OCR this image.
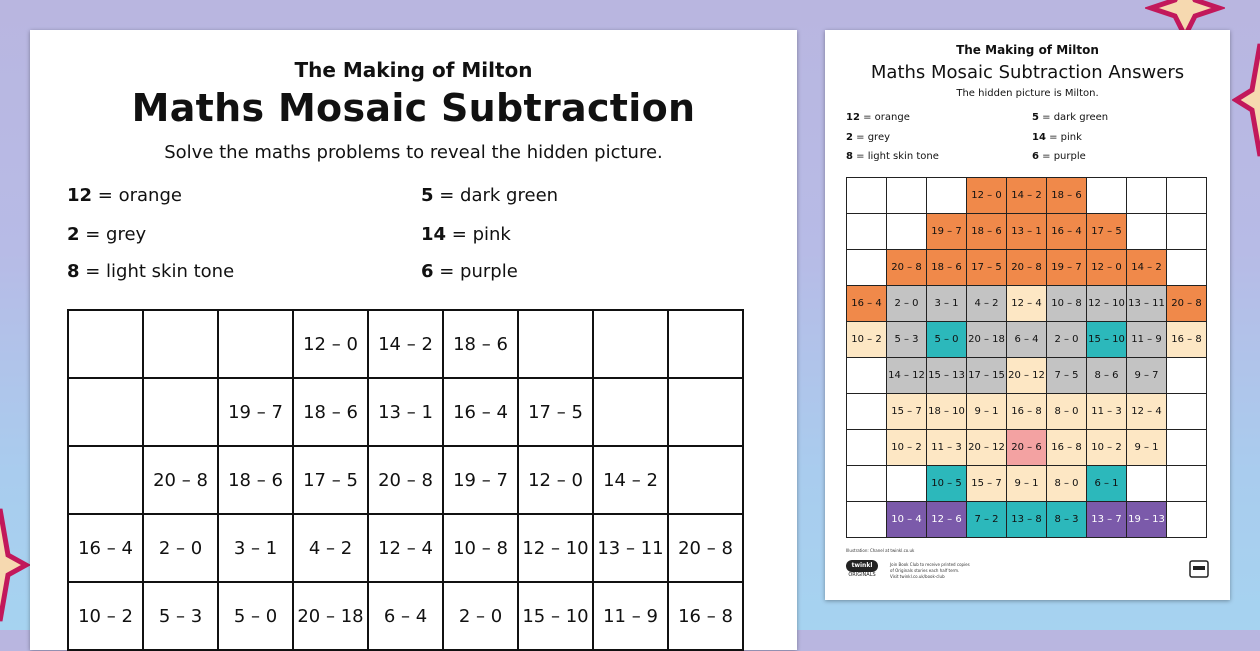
The Making of Milton
Maths Mosaic Subtraction
Solve the maths problems to reveal the hidden picture.
12 = orange
2 = grey
8 = light skin tone
5 = dark green
14 = pink
6 = purple
			12 – 0	14 – 2	18 – 6			
		19 – 7	18 – 6	13 – 1	16 – 4	17 – 5		
	20 – 8	18 – 6	17 – 5	20 – 8	19 – 7	12 – 0	14 – 2	
16 – 4	2 – 0	3 – 1	4 – 2	12 – 4	10 – 8	12 – 10	13 – 11	20 – 8
10 – 2	5 – 3	5 – 0	20 – 18	6 – 4	2 – 0	15 – 10	11 – 9	16 – 8
The Making of Milton
Maths Mosaic Subtraction Answers
The hidden picture is Milton.
12 = orange
2 = grey
8 = light skin tone
5 = dark green
14 = pink
6 = purple
			12 – 0	14 – 2	18 – 6			
		19 – 7	18 – 6	13 – 1	16 – 4	17 – 5		
	20 – 8	18 – 6	17 – 5	20 – 8	19 – 7	12 – 0	14 – 2	
16 – 4	2 – 0	3 – 1	4 – 2	12 – 4	10 – 8	12 – 10	13 – 11	20 – 8
10 – 2	5 – 3	5 – 0	20 – 18	6 – 4	2 – 0	15 – 10	11 – 9	16 – 8
	14 – 12	15 – 13	17 – 15	20 – 12	7 – 5	8 – 6	9 – 7	
	15 – 7	18 – 10	9 – 1	16 – 8	8 – 0	11 – 3	12 – 4	
	10 – 2	11 – 3	20 – 12	20 – 6	16 – 8	10 – 2	9 – 1	
		10 – 5	15 – 7	9 – 1	8 – 0	6 – 1		
	10 – 4	12 – 6	7 – 2	13 – 8	8 – 3	13 – 7	19 – 13	
Illustration: Chanel at twinkl.co.uk
twinkl
ORIGINALS
Join Book Club to receive printed copies
of Originals stories each half term.
Visit twinkl.co.uk/book-club
